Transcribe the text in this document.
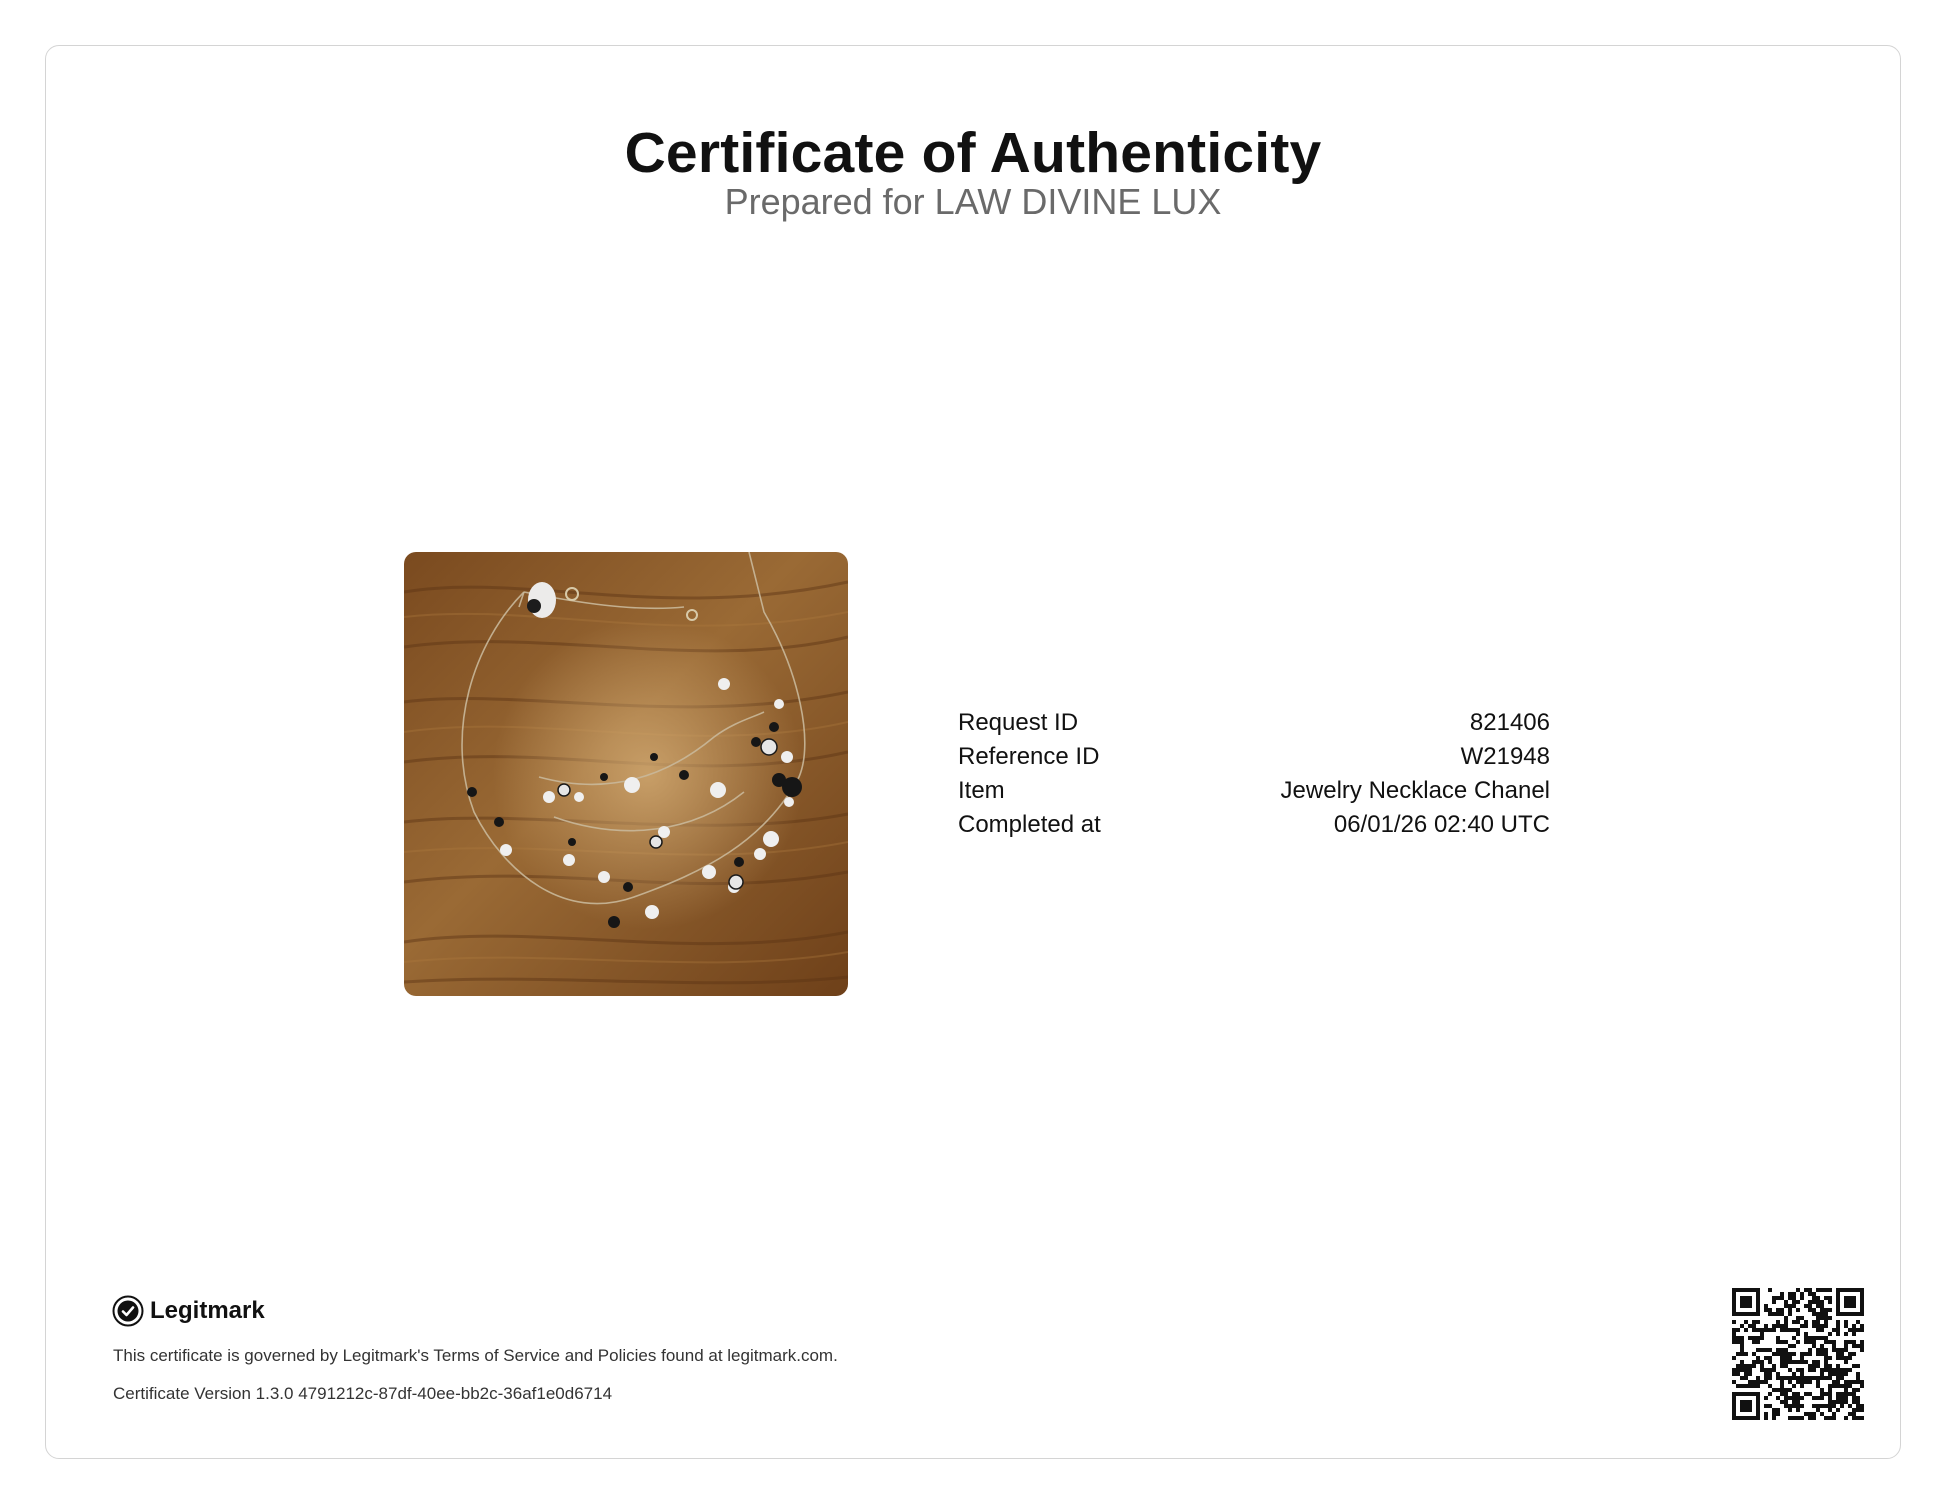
Certificate of Authenticity
Prepared for LAW DIVINE LUX
Request ID	821406
Reference ID	W21948
Item	Jewelry Necklace Chanel
Completed at	06/01/26 02:40 UTC
Legitmark
This certificate is governed by Legitmark's Terms of Service and Policies found at legitmark.com.
Certificate Version 1.3.0 4791212c-87df-40ee-bb2c-36af1e0d6714
